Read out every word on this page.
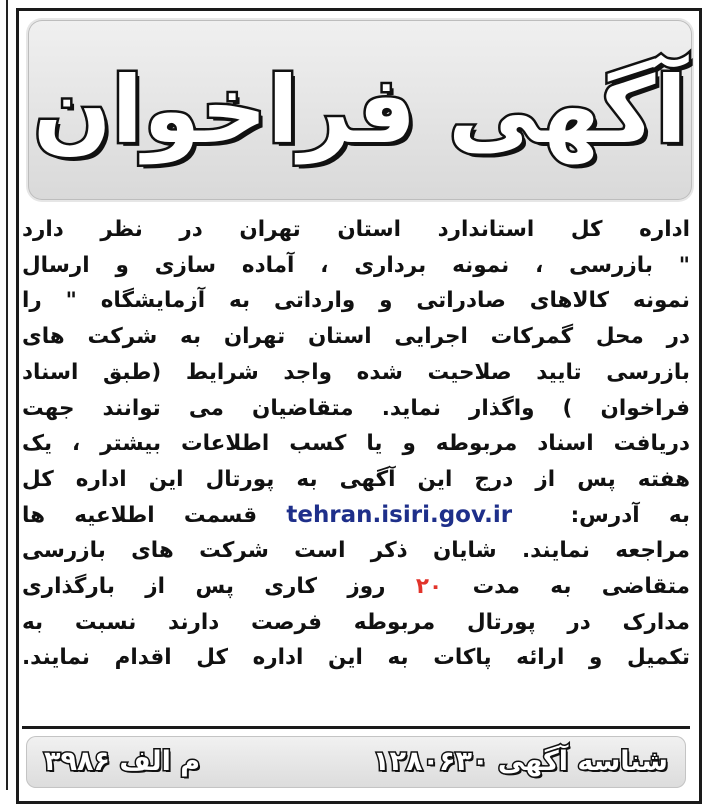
آگهی فراخوان
اداره کل استاندارد استان تهران در نظر دارد
" بازرسی ، نمونه برداری ، آماده سازی و ارسال
نمونه کالاهای صادراتی و وارداتی به آزمایشگاه " را
در محل گمرکات اجرایی استان تهران به شرکت های
بازرسی تایید صلاحیت شده واجد شرایط (طبق اسناد
فراخوان ) واگذار نماید. متقاضیان می توانند جهت
دریافت اسناد مربوطه و یا کسب اطلاعات بیشتر ، یک
هفته پس از درج این آگهی به پورتال این اداره کل
به آدرس:  tehran.isiri.gov.ir قسمت اطلاعیه ها
مراجعه نمایند. شایان ذکر است شرکت های بازرسی
متقاضی به مدت ۲۰ روز کاری پس از بارگذاری
مدارک در پورتال مربوطه فرصت دارند نسبت به
تکمیل و ارائه پاکات به این اداره کل اقدام نمایند.
شناسه آگهی ۱۲۸۰۶۳۰
م الف ۳۹۸۶
